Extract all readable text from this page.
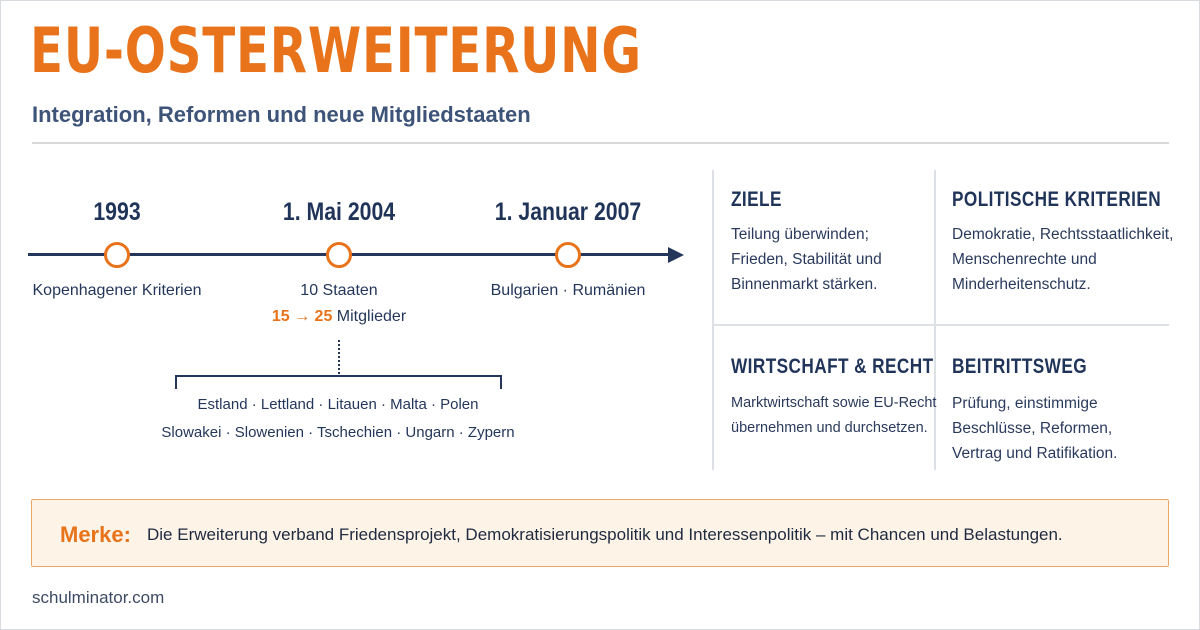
EU-OSTERWEITERUNG
Integration, Reformen und neue Mitgliedstaaten
1993
Kopenhagener Kriterien
1. Mai 2004
10 Staaten
1. Januar 2007
Bulgarien · Rumänien
15 → 25 Mitglieder
Estland · Lettland · Litauen · Malta · Polen
Slowakei · Slowenien · Tschechien · Ungarn · Zypern
ZIELE
Teilung überwinden;
Frieden, Stabilität und
Binnenmarkt stärken.
POLITISCHE KRITERIEN
Demokratie, Rechtsstaatlichkeit,
Menschenrechte und
Minderheitenschutz.
WIRTSCHAFT & RECHT
Marktwirtschaft sowie EU-Recht
übernehmen und durchsetzen.
BEITRITTSWEG
Prüfung, einstimmige
Beschlüsse, Reformen,
Vertrag und Ratifikation.
Merke: Die Erweiterung verband Friedensprojekt, Demokratisierungspolitik und Interessenpolitik – mit Chancen und Belastungen.
schulminator.com
